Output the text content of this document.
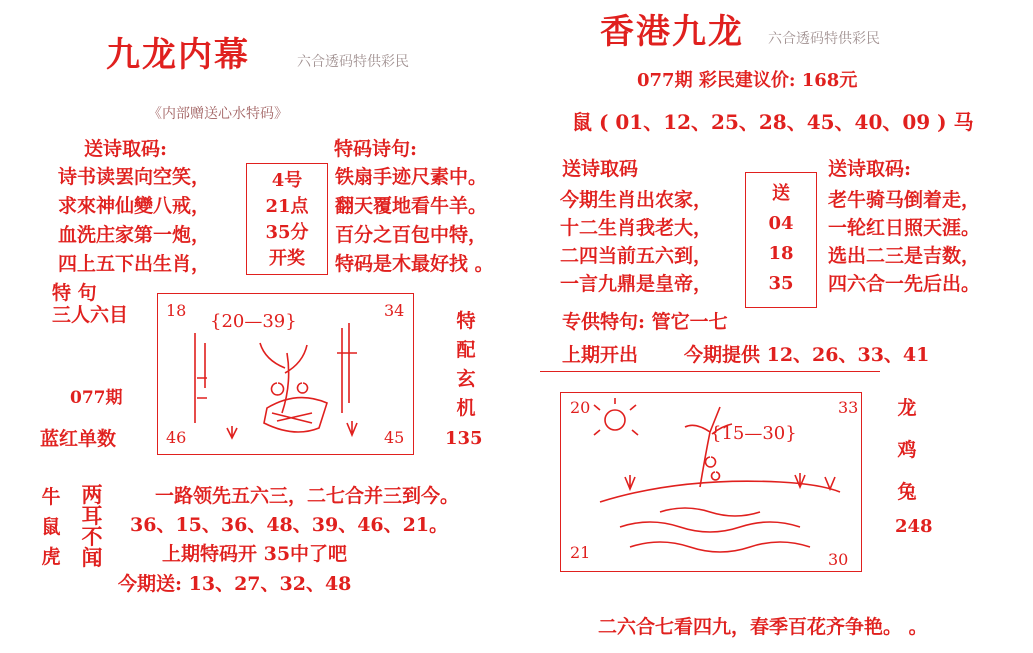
九龙内幕	六合透码特供彩民
《内部赠送心水特码》
送诗取码:
诗书读罢向空笑，
求來神仙變八戒，
血洗庄家第一炮，
四上五下出生肖，
4号
21点
35分
开奖
特码诗句:
铁扇手迹尺素中。
翻天覆地看牛羊。
百分之百包中特，
特码是木最好找 。
特 句
三人六目
077期
蓝红单数
18	34
46	45
{20—39}	特
配
玄
机
135
牛
鼠
虎
两
耳
不
闻
一路领先五六三，二七合并三到今。
36、15、36、48、39、46、21。
上期特码开 35中了吧
今期送: 13、27、32、48
香港九龙 六合透码特供彩民
077期 彩民建议价: 168元
鼠 ( 01、12、25、28、45、40、09 ) 马
送诗取码
今期生肖出农家，
十二生肖我老大，
二四当前五六到，
一言九鼎是皇帝，
送
04
18
35
送诗取码:
老牛骑马倒着走，
一轮红日照天涯。
选出二三是吉数，
四六合一先后出。
专供特句: 管它一七
上期开出 今期提供 12、26、33、41
20	33
21	30
{15—30}
龙
鸡
兔
248
二六合七看四九，春季百花齐争艳。 。
